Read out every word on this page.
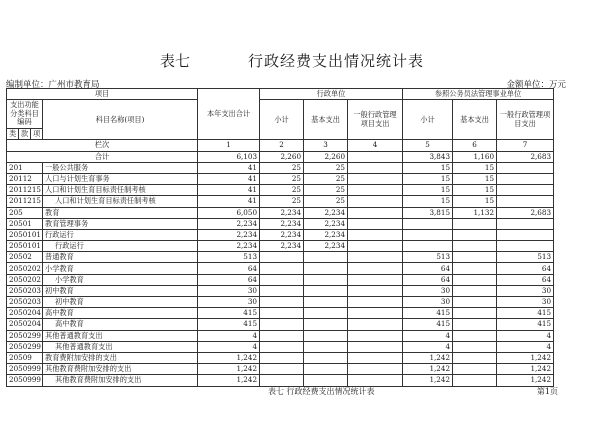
表七	行政经费支出情况统计表
编制单位：广州市教育局	金额单位：万元
项目				本年支出合计	行政单位			参照公务员法管理事业单位		
支出功能分类科目编码			科目名称(项目)		小计	基本支出	一般行政管理项目支出	小计	基本支出	一般行政管理项目支出
类	款	项								
栏次				1	2	3	4	5	6	7
合计				6,103	2,260	2,260		3,843	1,160	2,683
201			一般公共服务	41	25	25		15	15	
20112			人口与计划生育事务	41	25	25		15	15	
2011215			人口和计划生育目标责任制考核	41	25	25		15	15	
2011215			人口和计划生育目标责任制考核	41	25	25		15	15	
205			教育	6,050	2,234	2,234		3,815	1,132	2,683
20501			教育管理事务	2,234	2,234	2,234				
2050101			行政运行	2,234	2,234	2,234				
2050101			行政运行	2,234	2,234	2,234				
20502			普通教育	513				513		513
2050202			小学教育	64				64		64
2050202			小学教育	64				64		64
2050203			初中教育	30				30		30
2050203			初中教育	30				30		30
2050204			高中教育	415				415		415
2050204			高中教育	415				415		415
2050299			其他普通教育支出	4				4		4
2050299			其他普通教育支出	4				4		4
20509			教育费附加安排的支出	1,242				1,242		1,242
2050999			其他教育费附加安排的支出	1,242				1,242		1,242
2050999			其他教育费附加安排的支出	1,242				1,242		1,242
表七 行政经费支出情况统计表	第1页
